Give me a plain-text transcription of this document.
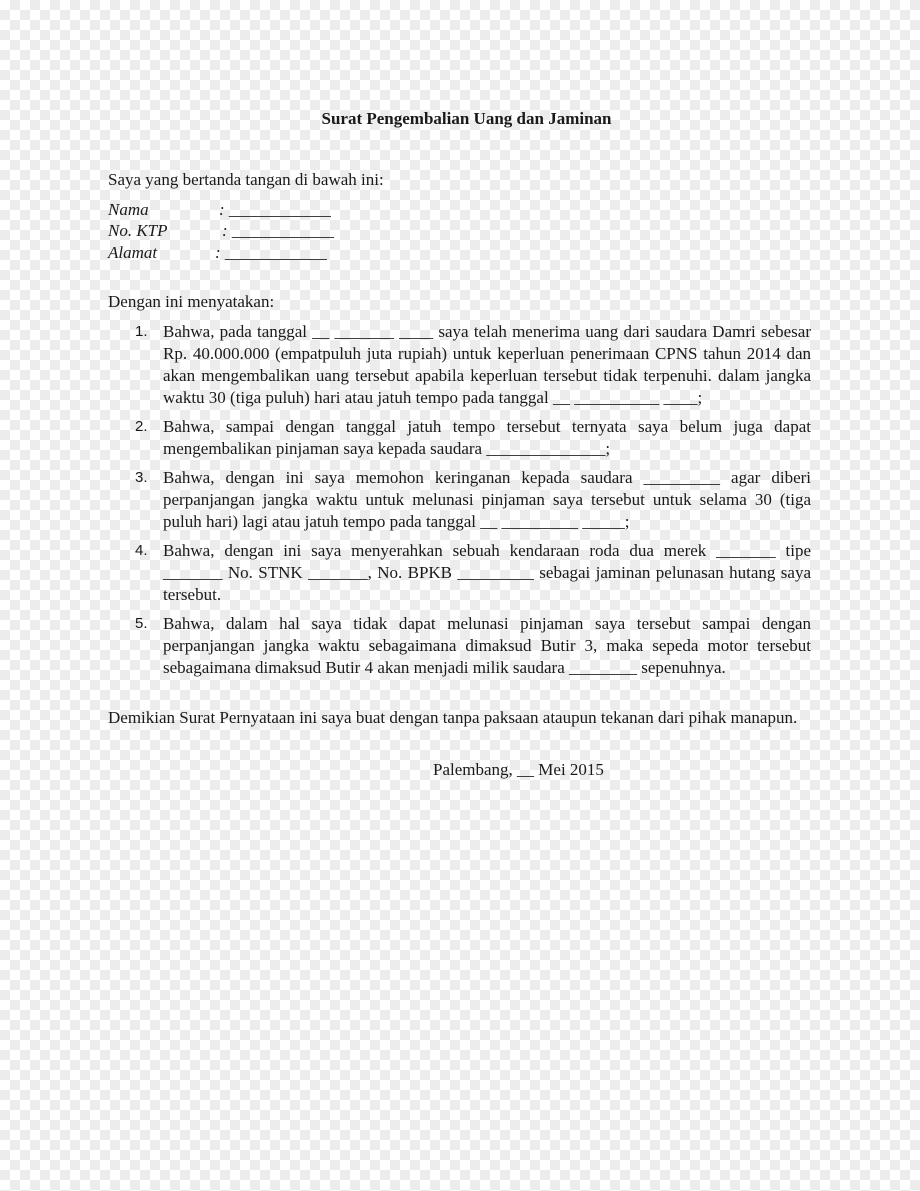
Surat Pengembalian Uang dan Jaminan
Saya yang bertanda tangan di bawah ini:
Nama	: ____________
No. KTP	: ____________
Alamat	: ____________
Dengan ini menyatakan:
1. Bahwa, pada tanggal __ _______ ____ saya telah menerima uang dari saudara Damri sebesar Rp. 40.000.000 (empatpuluh juta rupiah) untuk keperluan penerimaan CPNS tahun 2014 dan akan mengembalikan uang tersebut apabila keperluan tersebut tidak terpenuhi. dalam jangka waktu 30 (tiga puluh) hari atau jatuh tempo pada tanggal __ __________ ____;
2. Bahwa, sampai dengan tanggal jatuh tempo tersebut ternyata saya belum juga dapat mengembalikan pinjaman saya kepada saudara ______________;
3. Bahwa, dengan ini saya memohon keringanan kepada saudara _________ agar diberi perpanjangan jangka waktu untuk melunasi pinjaman saya tersebut untuk selama 30 (tiga puluh hari) lagi atau jatuh tempo pada tanggal __ _________ _____;
4. Bahwa, dengan ini saya menyerahkan sebuah kendaraan roda dua merek _______ tipe _______ No. STNK _______, No. BPKB _________ sebagai jaminan pelunasan hutang saya tersebut.
5. Bahwa, dalam hal saya tidak dapat melunasi pinjaman saya tersebut sampai dengan perpanjangan jangka waktu sebagaimana dimaksud Butir 3, maka sepeda motor tersebut sebagaimana dimaksud Butir 4 akan menjadi milik saudara ________ sepenuhnya.
Demikian Surat Pernyataan ini saya buat dengan tanpa paksaan ataupun tekanan dari pihak manapun.
Palembang, __ Mei 2015
